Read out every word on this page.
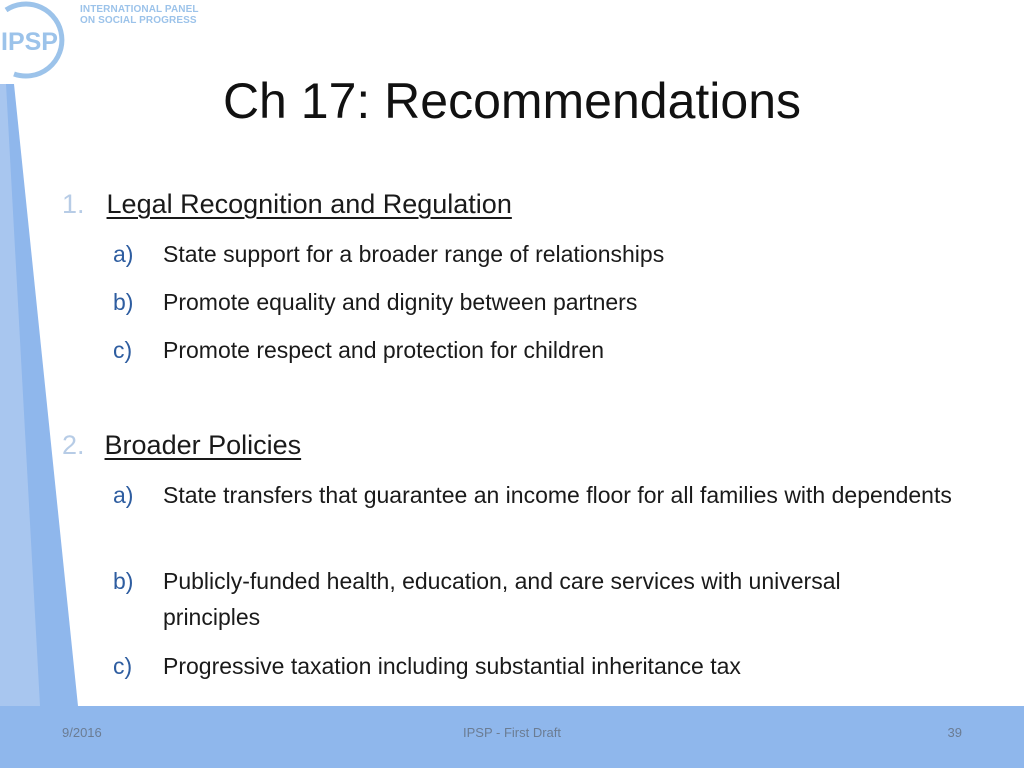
IPSP
INTERNATIONAL PANEL
ON SOCIAL PROGRESS
Ch 17: Recommendations
1. Legal Recognition and Regulation
a) State support for a broader range of relationships
b) Promote equality and dignity between partners
c) Promote respect and protection for children
2. Broader Policies
a) State transfers that guarantee an income floor for all families with dependents
b) Publicly-funded health, education, and care services with universal principles
c) Progressive taxation including substantial inheritance tax
9/2016	IPSP - First Draft	39
